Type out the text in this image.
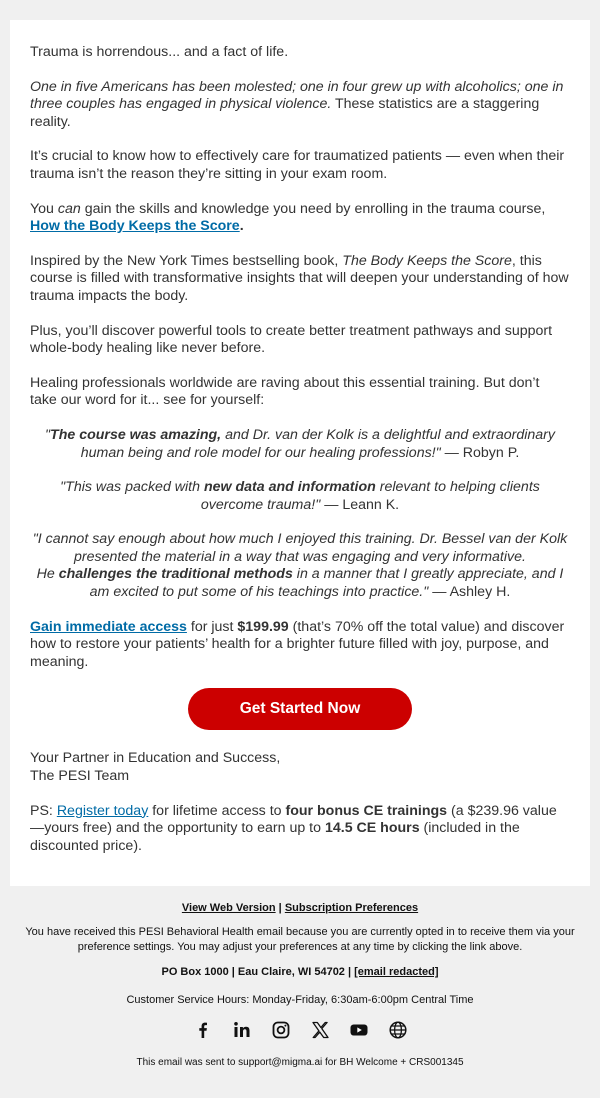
Trauma is horrendous... and a fact of life.

One in five Americans has been molested; one in four grew up with alcoholics; one in three couples has engaged in physical violence. These statistics are a staggering reality.

It’s crucial to know how to effectively care for traumatized patients — even when their trauma isn’t the reason they’re sitting in your exam room.

You can gain the skills and knowledge you need by enrolling in the trauma course, How the Body Keeps the Score.

Inspired by the New York Times bestselling book, The Body Keeps the Score, this course is filled with transformative insights that will deepen your understanding of how trauma impacts the body.

Plus, you’ll discover powerful tools to create better treatment pathways and support whole-body healing like never before.

Healing professionals worldwide are raving about this essential training. But don’t take our word for it... see for yourself:

"The course was amazing, and Dr. van der Kolk is a delightful and extraordinary human being and role model for our healing professions!" — Robyn P.

"This was packed with new data and information relevant to helping clients overcome trauma!" — Leann K.

"I cannot say enough about how much I enjoyed this training. Dr. Bessel van der Kolk presented the material in a way that was engaging and very informative.
He challenges the traditional methods in a manner that I greatly appreciate, and I am excited to put some of his teachings into practice." — Ashley H.

Gain immediate access for just $199.99 (that’s 70% off the total value) and discover how to restore your patients’ health for a brighter future filled with joy, purpose, and meaning.

Get Started Now

Your Partner in Education and Success,
The PESI Team

PS: Register today for lifetime access to four bonus CE trainings (a $239.96 value—yours free) and the opportunity to earn up to 14.5 CE hours (included in the discounted price).

View Web Version | Subscription Preferences
You have received this PESI Behavioral Health email because you are currently opted in to receive them via your preference settings. You may adjust your preferences at any time by clicking the link above.
PO Box 1000 | Eau Claire, WI 54702 | [email redacted]
Customer Service Hours: Monday-Friday, 6:30am-6:00pm Central Time
This email was sent to support@migma.ai for BH Welcome + CRS001345
